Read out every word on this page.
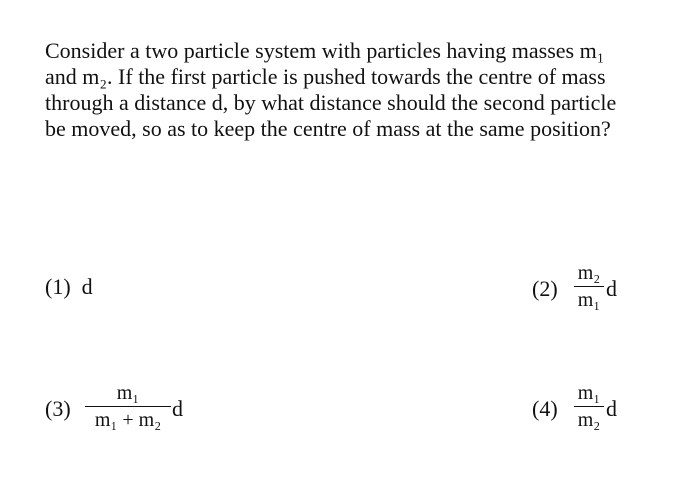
Consider a two particle system with particles having masses m₁
and m₂. If the first particle is pushed towards the centre of mass
through a distance d, by what distance should the second particle
be moved, so as to keep the centre of mass at the same position?
(1) d	(2)
m₂
m₁ d
(3)
m₁
m₁ + m₂ d	(4)
m₁
m₂ d
